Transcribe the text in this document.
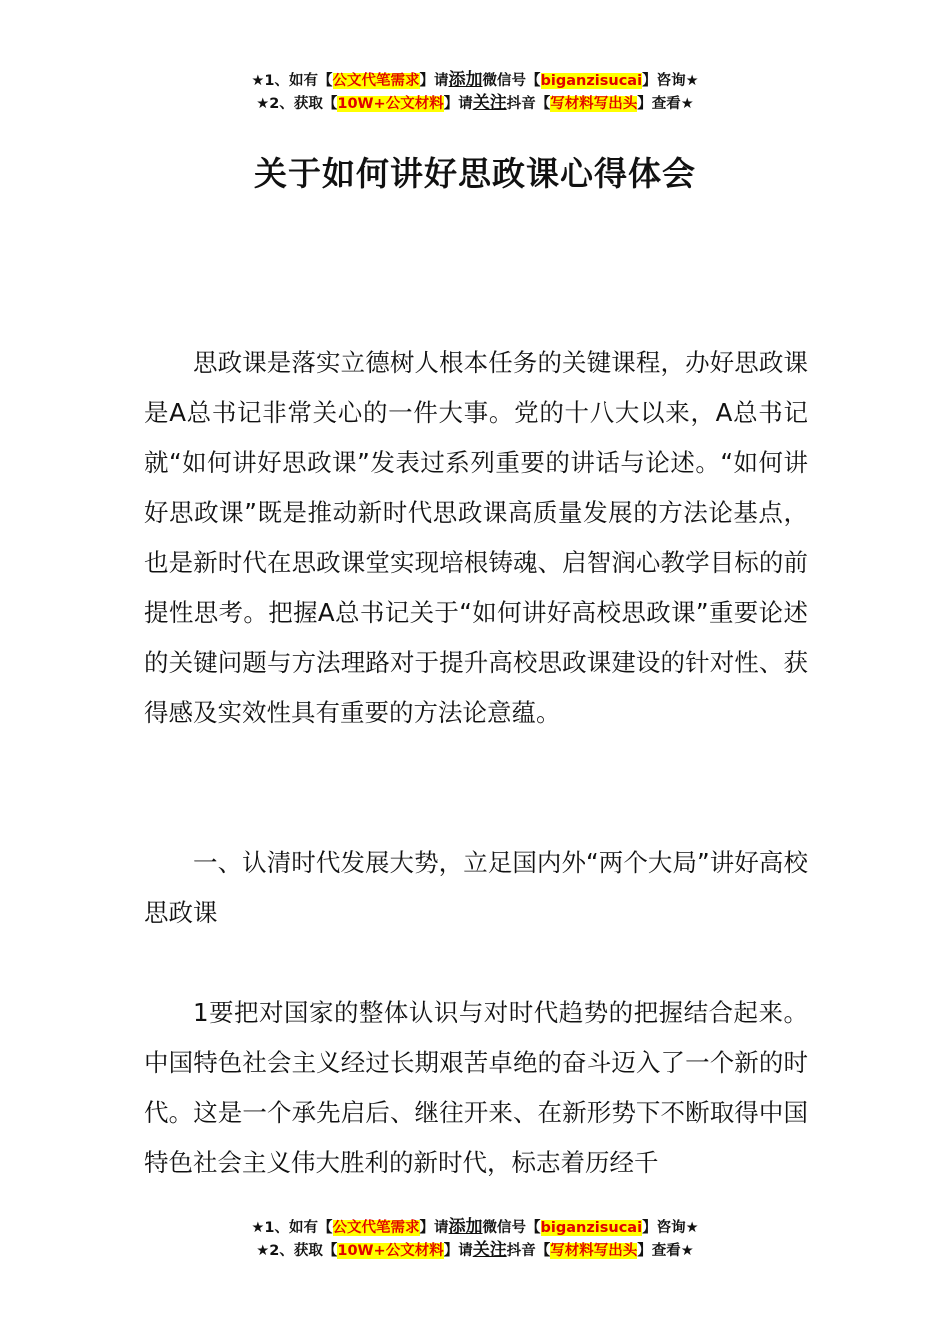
★1、如有【公文代笔需求】请添加微信号【biganzisucai】咨询★
★2、获取【10W+公文材料】请关注抖音【写材料写出头】查看★
关于如何讲好思政课心得体会

思政课是落实立德树人根本任务的关键课程，办好思政课是A总书记非常关心的一件大事。党的十八大以来，A总书记就“如何讲好思政课”发表过系列重要的讲话与论述。“如何讲好思政课”既是推动新时代思政课高质量发展的方法论基点，也是新时代在思政课堂实现培根铸魂、启智润心教学目标的前提性思考。把握A总书记关于“如何讲好高校思政课”重要论述的关键问题与方法理路对于提升高校思政课建设的针对性、获得感及实效性具有重要的方法论意蕴。

一、认清时代发展大势，立足国内外“两个大局”讲好高校思政课

1要把对国家的整体认识与对时代趋势的把握结合起来。中国特色社会主义经过长期艰苦卓绝的奋斗迈入了一个新的时代。这是一个承先启后、继往开来、在新形势下不断取得中国特色社会主义伟大胜利的新时代，标志着历经千

★1、如有【公文代笔需求】请添加微信号【biganzisucai】咨询★
★2、获取【10W+公文材料】请关注抖音【写材料写出头】查看★
